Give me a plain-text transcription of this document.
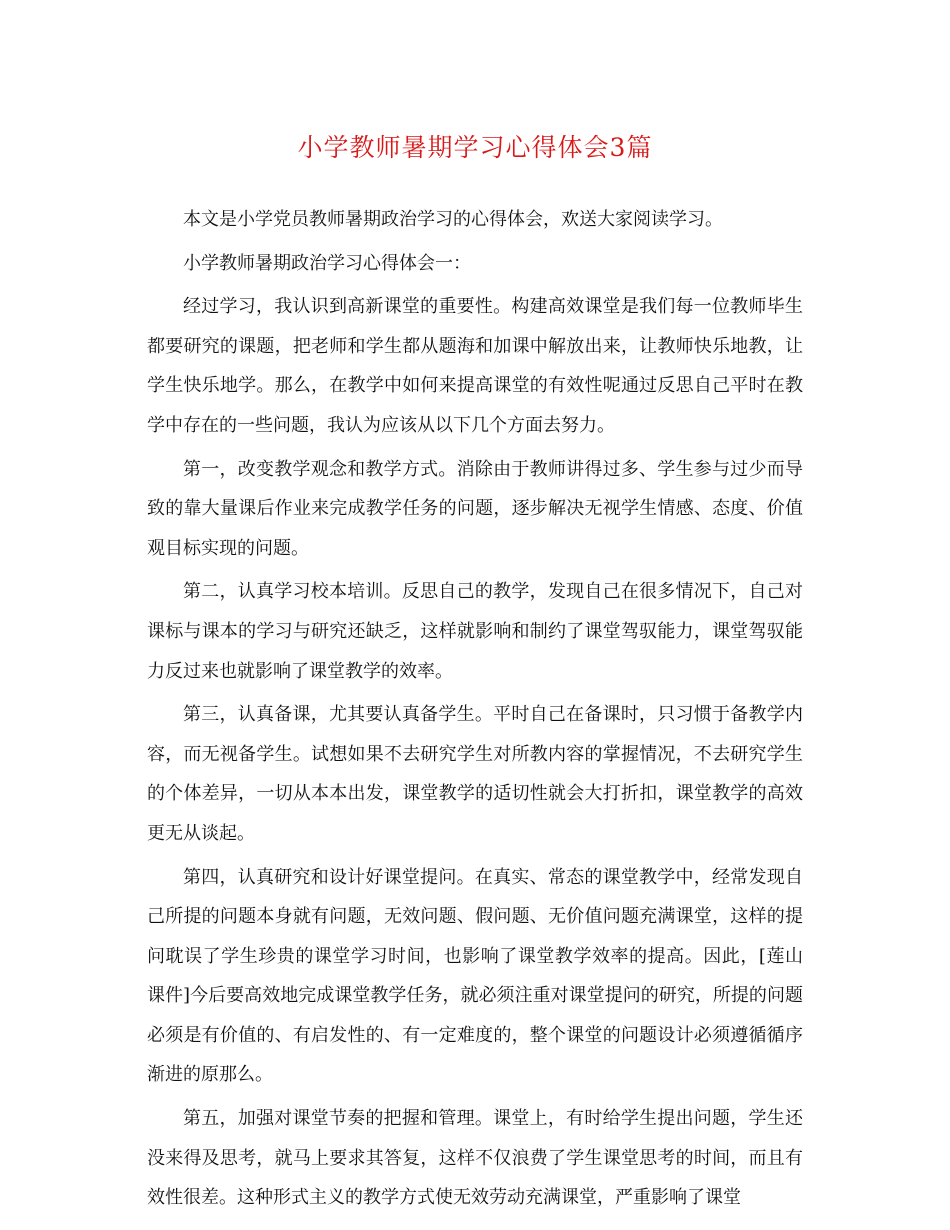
小学教师暑期学习心得体会3篇

本文是小学党员教师暑期政治学习的心得体会，欢送大家阅读学习。

小学教师暑期政治学习心得体会一：

经过学习，我认识到高新课堂的重要性。构建高效课堂是我们每一位教师毕生都要研究的课题，把老师和学生都从题海和加课中解放出来，让教师快乐地教，让学生快乐地学。那么，在教学中如何来提高课堂的有效性呢通过反思自己平时在教学中存在的一些问题，我认为应该从以下几个方面去努力。

第一，改变教学观念和教学方式。消除由于教师讲得过多、学生参与过少而导致的靠大量课后作业来完成教学任务的问题，逐步解决无视学生情感、态度、价值观目标实现的问题。

第二，认真学习校本培训。反思自己的教学，发现自己在很多情况下，自己对课标与课本的学习与研究还缺乏，这样就影响和制约了课堂驾驭能力，课堂驾驭能力反过来也就影响了课堂教学的效率。

第三，认真备课，尤其要认真备学生。平时自己在备课时，只习惯于备教学内容，而无视备学生。试想如果不去研究学生对所教内容的掌握情况，不去研究学生的个体差异，一切从本本出发，课堂教学的适切性就会大打折扣，课堂教学的高效更无从谈起。

第四，认真研究和设计好课堂提问。在真实、常态的课堂教学中，经常发现自己所提的问题本身就有问题，无效问题、假问题、无价值问题充满课堂，这样的提问耽误了学生珍贵的课堂学习时间，也影响了课堂教学效率的提高。因此，[莲山 课件]今后要高效地完成课堂教学任务，就必须注重对课堂提问的研究，所提的问题必须是有价值的、有启发性的、有一定难度的，整个课堂的问题设计必须遵循循序渐进的原那么。

第五，加强对课堂节奏的把握和管理。课堂上，有时给学生提出问题，学生还没来得及思考，就马上要求其答复，这样不仅浪费了学生课堂思考的时间，而且有效性很差。这种形式主义的教学方式使无效劳动充满课堂，严重影响了课堂
